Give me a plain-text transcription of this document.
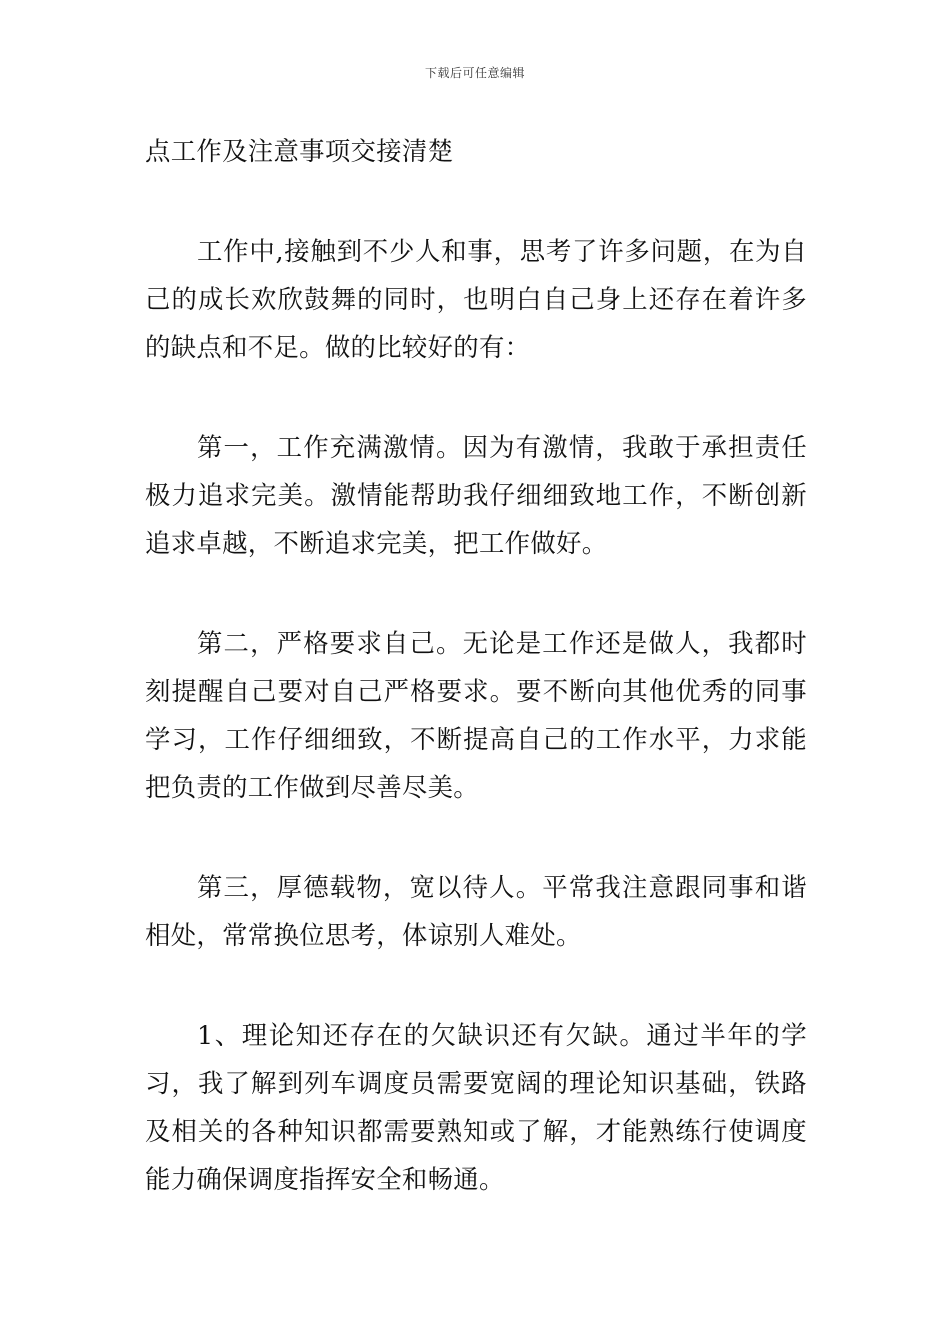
下载后可任意编辑

点工作及注意事项交接清楚

工作中,接触到不少人和事，思考了许多问题，在为自己的成长欢欣鼓舞的同时，也明白自己身上还存在着许多的缺点和不足。做的比较好的有：

第一，工作充满激情。因为有激情，我敢于承担责任极力追求完美。激情能帮助我仔细细致地工作，不断创新追求卓越，不断追求完美，把工作做好。

第二，严格要求自己。无论是工作还是做人，我都时刻提醒自己要对自己严格要求。要不断向其他优秀的同事学习，工作仔细细致，不断提高自己的工作水平，力求能把负责的工作做到尽善尽美。

第三，厚德载物，宽以待人。平常我注意跟同事和谐相处，常常换位思考，体谅别人难处。

1、理论知还存在的欠缺识还有欠缺。通过半年的学习，我了解到列车调度员需要宽阔的理论知识基础，铁路及相关的各种知识都需要熟知或了解，才能熟练行使调度能力确保调度指挥安全和畅通。
